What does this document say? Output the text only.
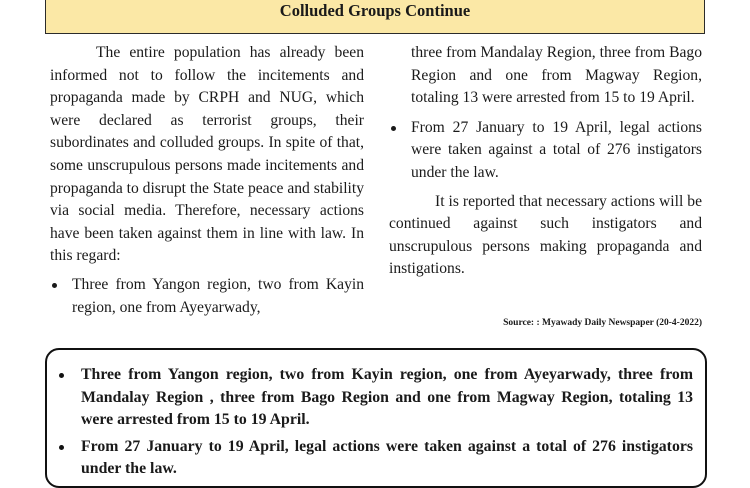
Colluded Groups Continue

The entire population has already been informed not to follow the incitements and propaganda made by CRPH and NUG, which were declared as terrorist groups, their subordinates and colluded groups. In spite of that, some unscrupulous persons made incitements and propaganda to disrupt the State peace and stability via social media. Therefore, necessary actions have been taken against them in line with law. In this regard:

Three from Yangon region, two from Kayin region, one from Ayeyarwady,
three from Mandalay Region, three from Bago Region and one from Magway Region, totaling 13 were arrested from 15 to 19 April.
From 27 January to 19 April, legal actions were taken against a total of 276 instigators under the law.

It is reported that necessary actions will be continued against such instigators and unscrupulous persons making propaganda and instigations.

Source: : Myawady Daily Newspaper (20-4-2022)
Three from Yangon region, two from Kayin region, one from Ayeyarwady, three from Mandalay Region , three from Bago Region and one from Magway Region, totaling 13 were arrested from 15 to 19 April.
From 27 January to 19 April, legal actions were taken against a total of 276 instigators under the law.
